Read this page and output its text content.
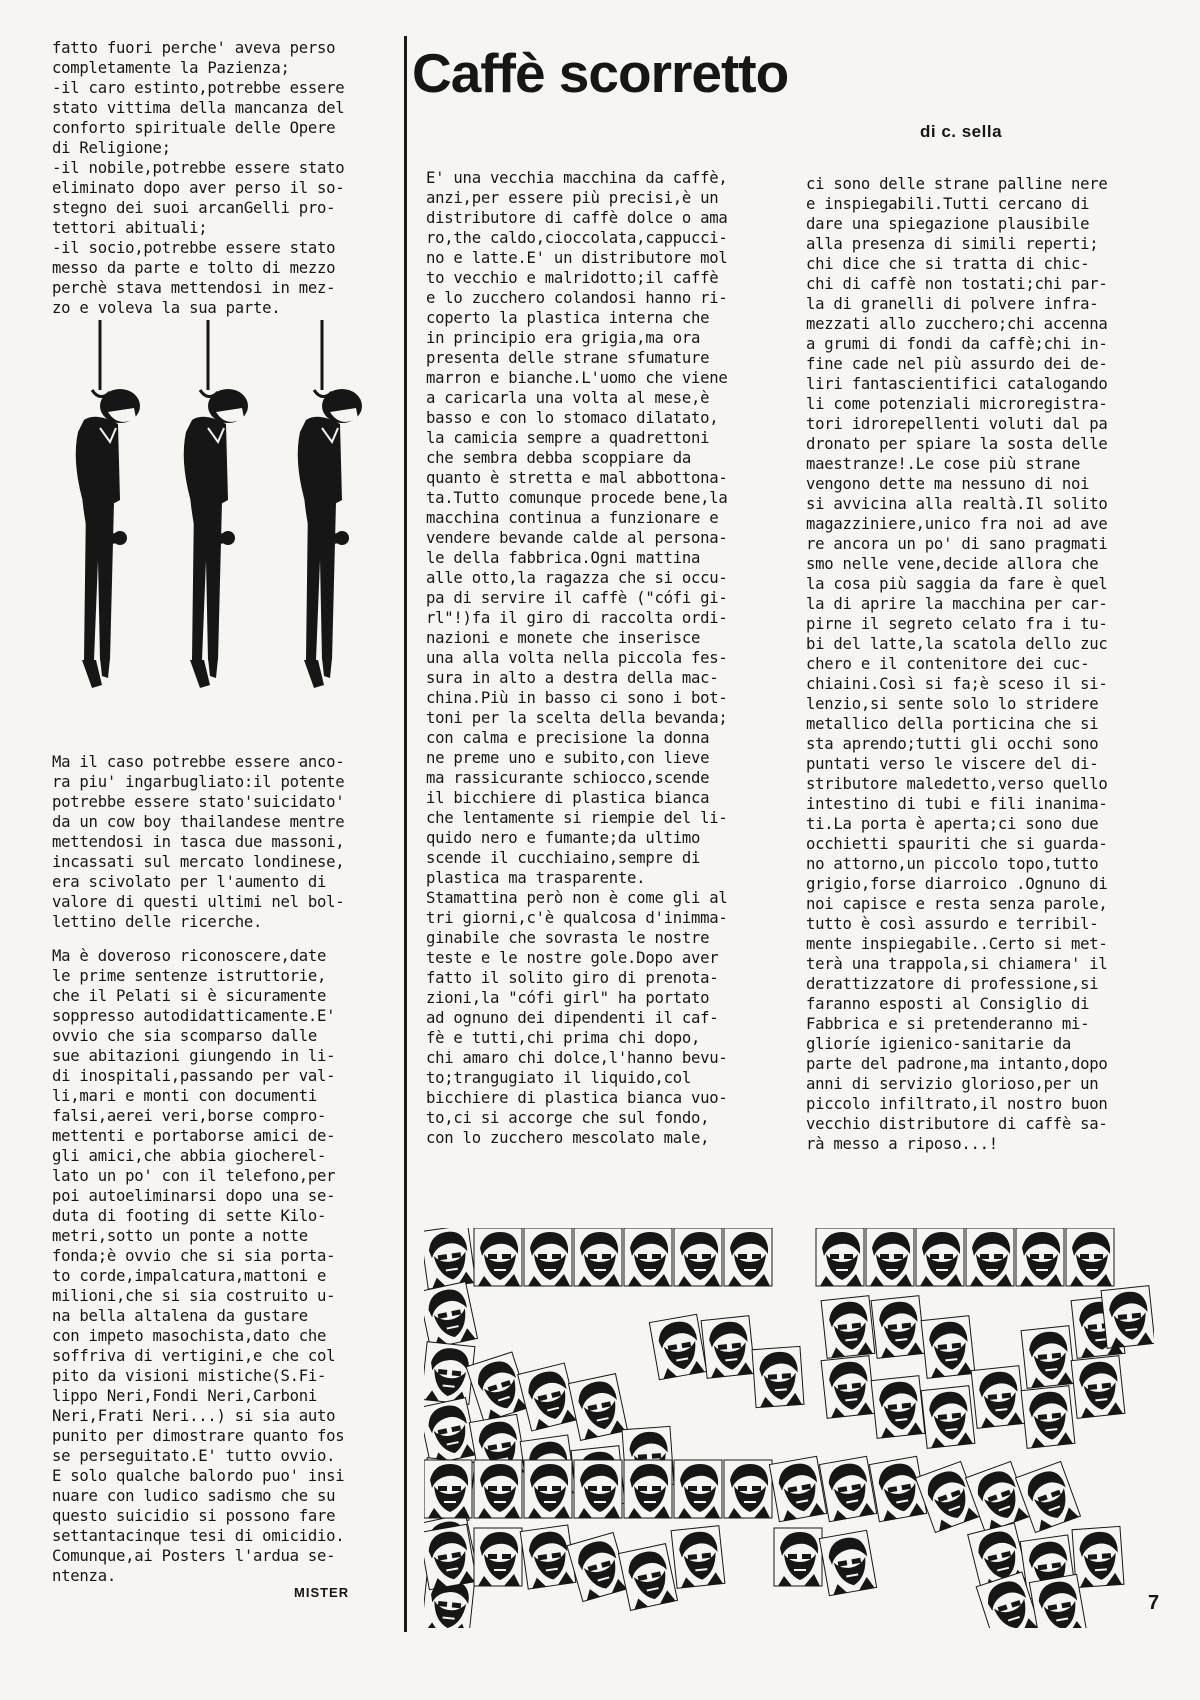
fatto fuori perche' aveva perso
completamente la Pazienza;
-il caro estinto,potrebbe essere
stato vittima della mancanza del
conforto spirituale delle Opere
di Religione;
-il nobile,potrebbe essere stato
eliminato dopo aver perso il so-
stegno dei suoi arcanGelli pro-
tettori abituali;
-il socio,potrebbe essere stato
messo da parte e tolto di mezzo
perchè stava mettendosi in mez-
zo e voleva la sua parte.
Ma il caso potrebbe essere anco-
ra piu' ingarbugliato:il potente
potrebbe essere stato'suicidato'
da un cow boy thailandese mentre
mettendosi in tasca due massoni,
incassati sul mercato londinese,
era scivolato per l'aumento di
valore di questi ultimi nel bol-
lettino delle ricerche.
Ma è doveroso riconoscere,date
le prime sentenze istruttorie,
che il Pelati si è sicuramente
soppresso autodidatticamente.E'
ovvio che sia scomparso dalle
sue abitazioni giungendo in li-
di inospitali,passando per val-
li,mari e monti con documenti
falsi,aerei veri,borse compro-
mettenti e portaborse amici de-
gli amici,che abbia giocherel-
lato un po' con il telefono,per
poi autoeliminarsi dopo una se-
duta di footing di sette Kilo-
metri,sotto un ponte a notte
fonda;è ovvio che si sia porta-
to corde,impalcatura,mattoni e
milioni,che si sia costruito u-
na bella altalena da gustare
con impeto masochista,dato che
soffriva di vertigini,e che col
pito da visioni mistiche(S.Fi-
lippo Neri,Fondi Neri,Carboni
Neri,Frati Neri...) si sia auto
punito per dimostrare quanto fos
se perseguitato.E' tutto ovvio.
E solo qualche balordo puo' insi
nuare con ludico sadismo che su
questo suicidio si possono fare
settantacinque tesi di omicidio.
Comunque,ai Posters l'ardua se-
ntenza.
MISTER
Caffè scorretto
di c. sella
E' una vecchia macchina da caffè,
anzi,per essere più precisi,è un
distributore di caffè dolce o ama
ro,the caldo,cioccolata,cappucci-
no e latte.E' un distributore mol
to vecchio e malridotto;il caffè
e lo zucchero colandosi hanno ri-
coperto la plastica interna che
in principio era grigia,ma ora
presenta delle strane sfumature
marron e bianche.L'uomo che viene
a caricarla una volta al mese,è
basso e con lo stomaco dilatato,
la camicia sempre a quadrettoni
che sembra debba scoppiare da
quanto è stretta e mal abbottona-
ta.Tutto comunque procede bene,la
macchina continua a funzionare e
vendere bevande calde al persona-
le della fabbrica.Ogni mattina
alle otto,la ragazza che si occu-
pa di servire il caffè ("cófi gi-
rl"!)fa il giro di raccolta ordi-
nazioni e monete che inserisce
una alla volta nella piccola fes-
sura in alto a destra della mac-
china.Più in basso ci sono i bot-
toni per la scelta della bevanda;
con calma e precisione la donna
ne preme uno e subito,con lieve
ma rassicurante schiocco,scende
il bicchiere di plastica bianca
che lentamente si riempie del li-
quido nero e fumante;da ultimo
scende il cucchiaino,sempre di
plastica ma trasparente.
Stamattina però non è come gli al
tri giorni,c'è qualcosa d'inimma-
ginabile che sovrasta le nostre
teste e le nostre gole.Dopo aver
fatto il solito giro di prenota-
zioni,la "cófi girl" ha portato
ad ognuno dei dipendenti il caf-
fè e tutti,chi prima chi dopo,
chi amaro chi dolce,l'hanno bevu-
to;trangugiato il liquido,col
bicchiere di plastica bianca vuo-
to,ci si accorge che sul fondo,
con lo zucchero mescolato male,
ci sono delle strane palline nere
e inspiegabili.Tutti cercano di
dare una spiegazione plausibile
alla presenza di simili reperti;
chi dice che si tratta di chic-
chi di caffè non tostati;chi par-
la di granelli di polvere infra-
mezzati allo zucchero;chi accenna
a grumi di fondi da caffè;chi in-
fine cade nel più assurdo dei de-
liri fantascientifici catalogando
li come potenziali microregistra-
tori idrorepellenti voluti dal pa
dronato per spiare la sosta delle
maestranze!.Le cose più strane
vengono dette ma nessuno di noi
si avvicina alla realtà.Il solito
magazziniere,unico fra noi ad ave
re ancora un po' di sano pragmati
smo nelle vene,decide allora che
la cosa più saggia da fare è quel
la di aprire la macchina per car-
pirne il segreto celato fra i tu-
bi del latte,la scatola dello zuc
chero e il contenitore dei cuc-
chiaini.Così si fa;è sceso il si-
lenzio,si sente solo lo stridere
metallico della porticina che si
sta aprendo;tutti gli occhi sono
puntati verso le viscere del di-
stributore maledetto,verso quello
intestino di tubi e fili inanima-
ti.La porta è aperta;ci sono due
occhietti spauriti che si guarda-
no attorno,un piccolo topo,tutto
grigio,forse diarroico .Ognuno di
noi capisce e resta senza parole,
tutto è così assurdo e terribil-
mente inspiegabile..Certo si met-
terà una trappola,si chiamera' il
derattizzatore di professione,si
faranno esposti al Consiglio di
Fabbrica e si pretenderanno mi-
glioríe igienico-sanitarie da
parte del padrone,ma intanto,dopo
anni di servizio glorioso,per un
piccolo infiltrato,il nostro buon
vecchio distributore di caffè sa-
rà messo a riposo...!
7
